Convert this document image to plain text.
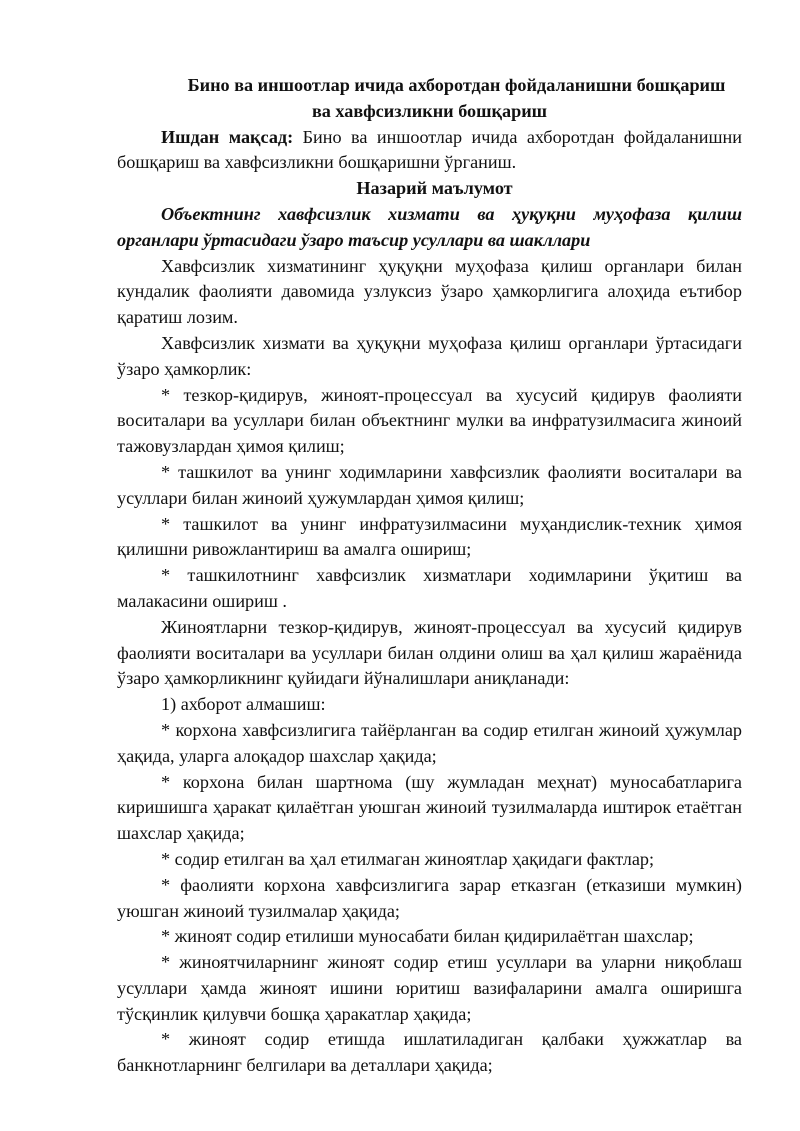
Бино ва иншоотлар ичида ахборотдан фойдаланишни бошқариш
ва хавфсизликни бошқариш

Ишдан мақсад: Бино ва иншоотлар ичида ахборотдан фойдаланишни бошқариш ва хавфсизликни бошқаришни ўрганиш.

Назарий маълумот

Объектнинг хавфсизлик хизмати ва ҳуқуқни муҳофаза қилиш органлари ўртасидаги ўзаро таъсир усуллари ва шакллари

Хавфсизлик хизматининг ҳуқуқни муҳофаза қилиш органлари билан кундалик фаолияти давомида узлуксиз ўзаро ҳамкорлигига алоҳида еътибор қаратиш лозим.

Хавфсизлик хизмати ва ҳуқуқни муҳофаза қилиш органлари ўртасидаги ўзаро ҳамкорлик:

* тезкор-қидирув, жиноят-процессуал ва хусусий қидирув фаолияти воситалари ва усуллари билан объектнинг мулки ва инфратузилмасига жиноий тажовузлардан ҳимоя қилиш;

* ташкилот ва унинг ходимларини хавфсизлик фаолияти воситалари ва усуллари билан жиноий ҳужумлардан ҳимоя қилиш;

* ташкилот ва унинг инфратузилмасини муҳандислик-техник ҳимоя қилишни ривожлантириш ва амалга ошириш;

* ташкилотнинг хавфсизлик хизматлари ходимларини ўқитиш ва малакасини ошириш .

Жиноятларни тезкор-қидирув, жиноят-процессуал ва хусусий қидирув фаолияти воситалари ва усуллари билан олдини олиш ва ҳал қилиш жараёнида ўзаро ҳамкорликнинг қуйидаги йўналишлари аниқланади:

1) ахборот алмашиш:

* корхона хавфсизлигига тайёрланган ва содир етилган жиноий ҳужумлар ҳақида, уларга алоқадор шахслар ҳақида;

* корхона билан шартнома (шу жумладан меҳнат) муносабатларига киришишга ҳаракат қилаётган уюшган жиноий тузилмаларда иштирок етаётган шахслар ҳақида;

* содир етилган ва ҳал етилмаган жиноятлар ҳақидаги фактлар;

* фаолияти корхона хавфсизлигига зарар етказган (етказиши мумкин) уюшган жиноий тузилмалар ҳақида;

* жиноят содир етилиши муносабати билан қидирилаётган шахслар;

* жиноятчиларнинг жиноят содир етиш усуллари ва уларни ниқоблаш усуллари ҳамда жиноят ишини юритиш вазифаларини амалга оширишга тўсқинлик қилувчи бошқа ҳаракатлар ҳақида;

* жиноят содир етишда ишлатиладиган қалбаки ҳужжатлар ва банкнотларнинг белгилари ва деталлари ҳақида;
